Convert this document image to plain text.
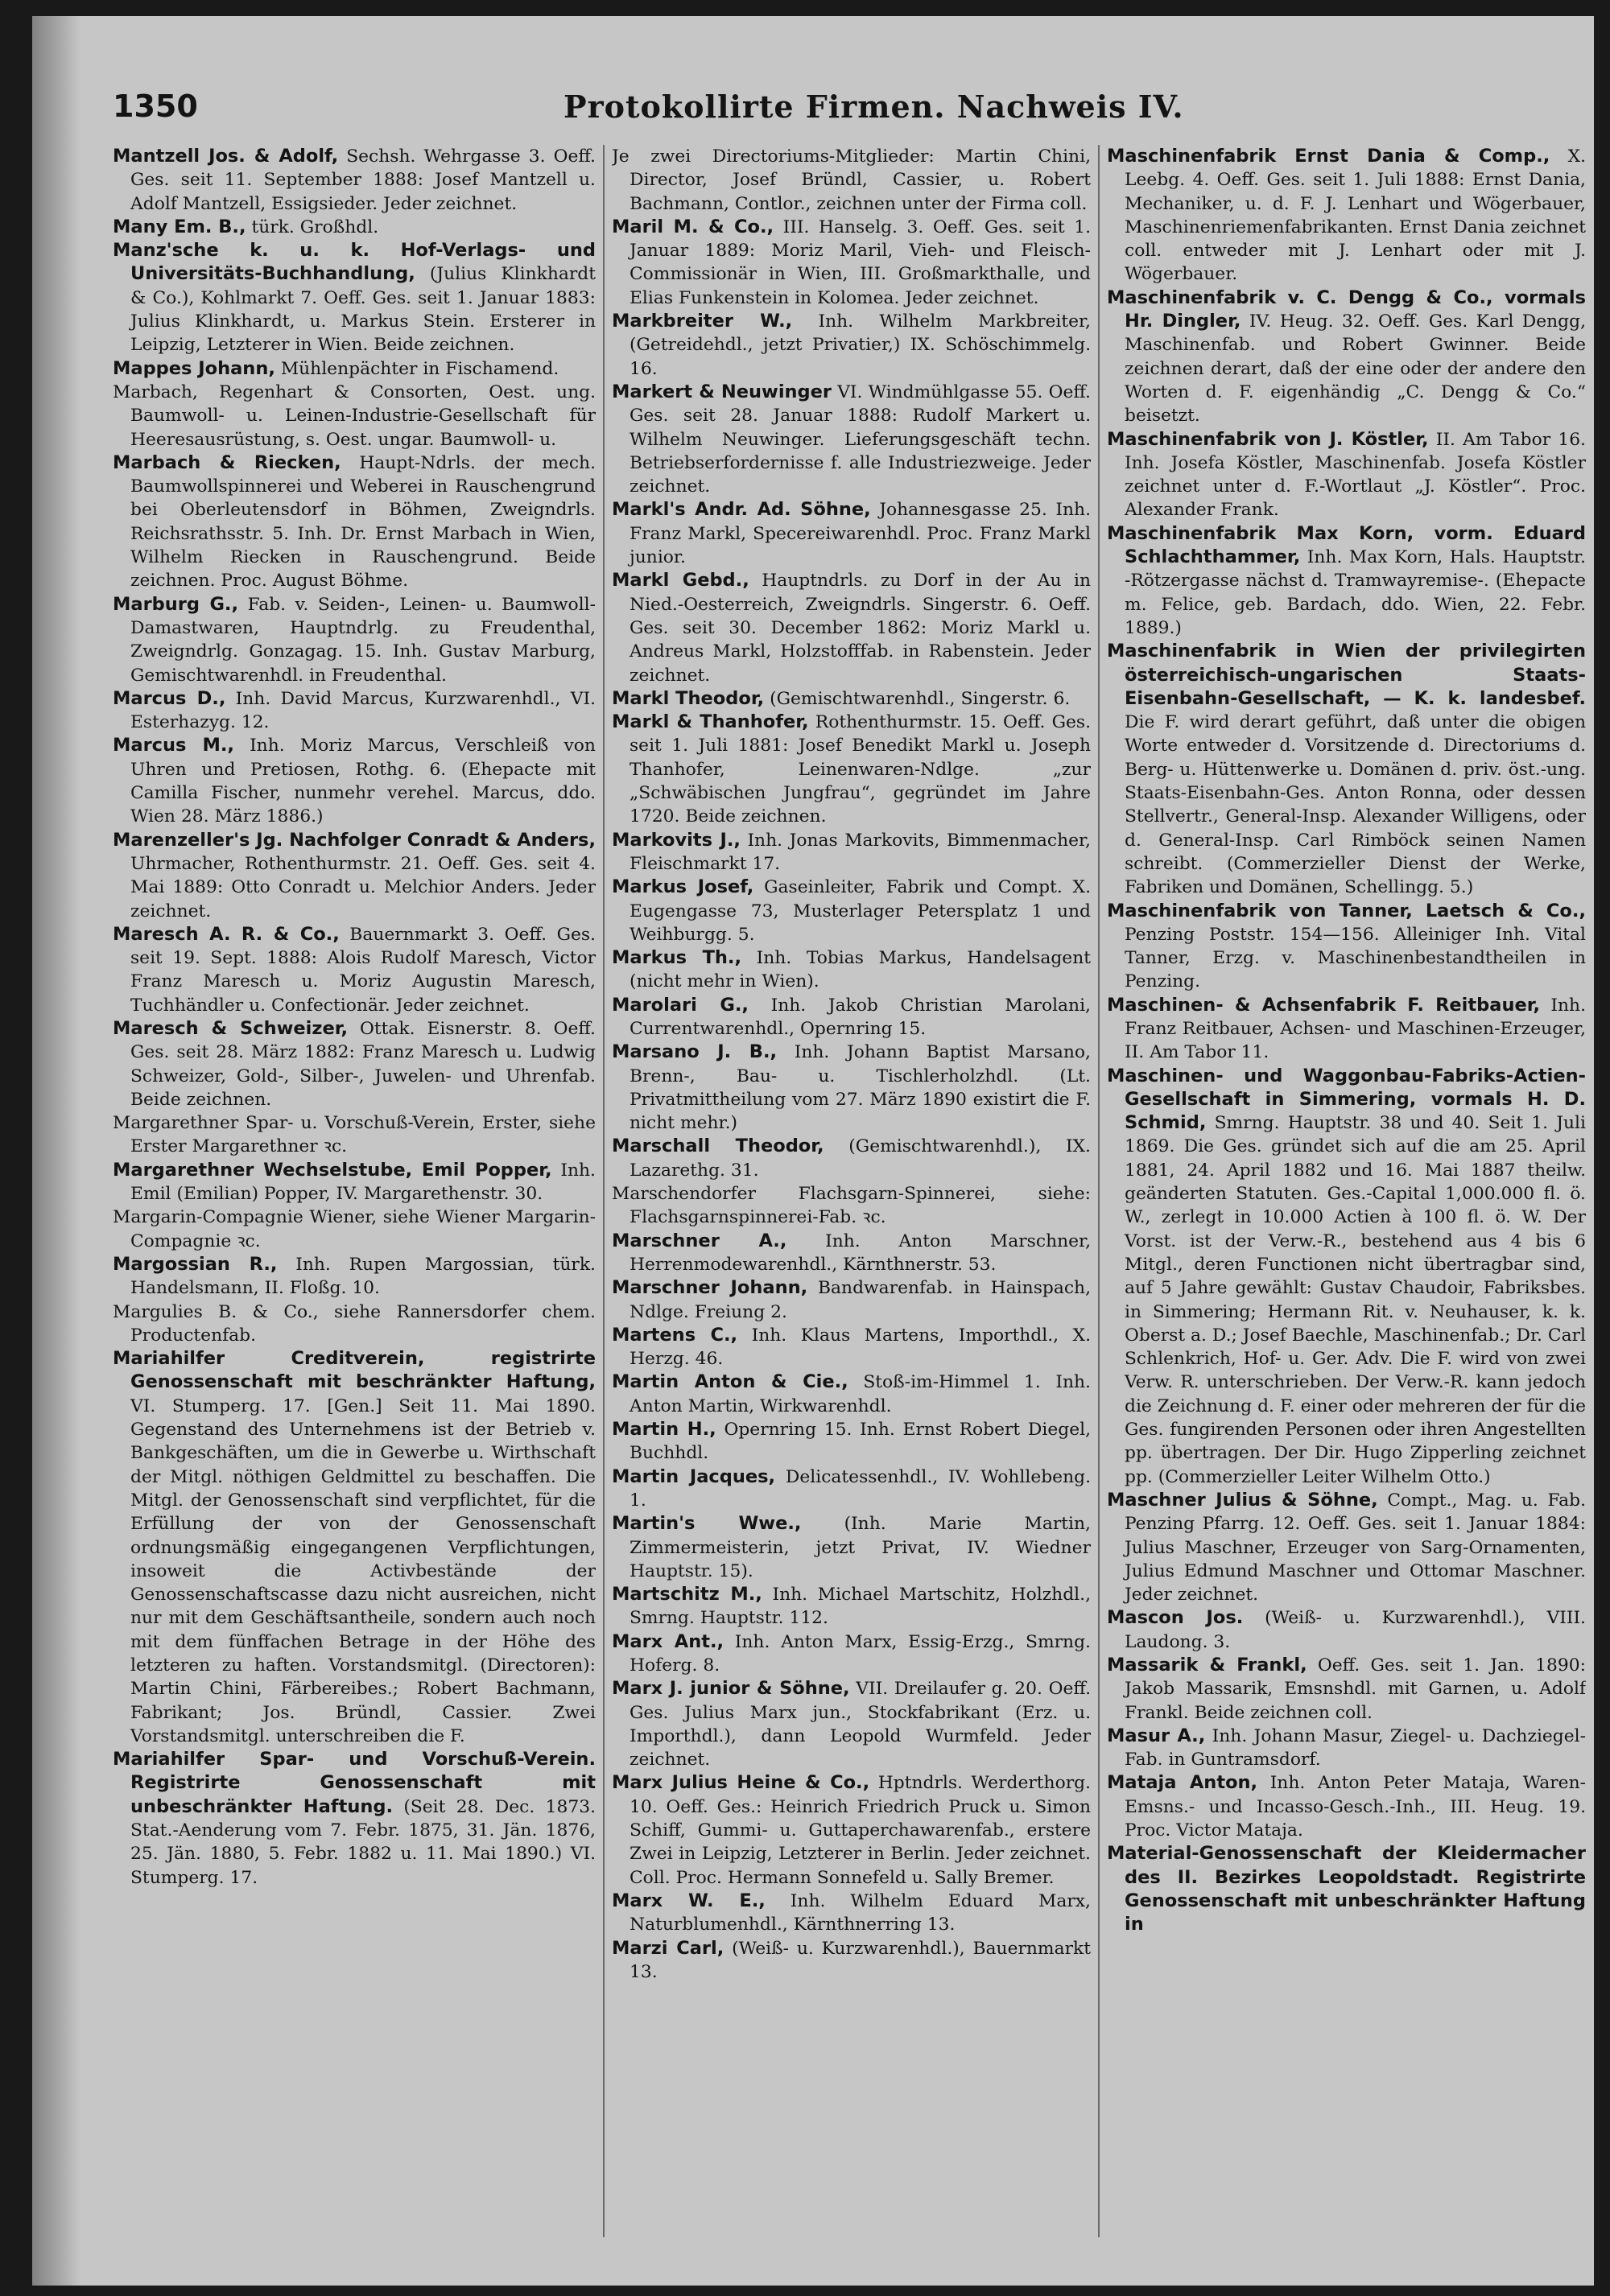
1350	Protokollirte Firmen. Nachweis IV.

Mantzell Jos. & Adolf, Sechsh. Wehrgasse 3. Oeff. Ges. seit 11. September 1888: Josef Mantzell u. Adolf Mantzell, Essigsieder. Jeder zeichnet.

Many Em. B., türk. Großhdl.

Manz'sche k. u. k. Hof-Verlags- und Universitäts-Buchhandlung, (Julius Klinkhardt & Co.), Kohlmarkt 7. Oeff. Ges. seit 1. Januar 1883: Julius Klinkhardt, u. Markus Stein. Ersterer in Leipzig, Letzterer in Wien. Beide zeichnen.

Mappes Johann, Mühlenpächter in Fischamend.

Marbach, Regenhart & Consorten, Oest. ung. Baumwoll- u. Leinen-Industrie-Gesellschaft für Heeresausrüstung, s. Oest. ungar. Baumwoll- u.

Marbach & Riecken, Haupt-Ndrls. der mech. Baumwollspinnerei und Weberei in Rauschengrund bei Oberleutensdorf in Böhmen, Zweigndrls. Reichsrathsstr. 5. Inh. Dr. Ernst Marbach in Wien, Wilhelm Riecken in Rauschengrund. Beide zeichnen. Proc. August Böhme.

Marburg G., Fab. v. Seiden-, Leinen- u. Baumwoll-Damastwaren, Hauptndrlg. zu Freudenthal, Zweigndrlg. Gonzagag. 15. Inh. Gustav Marburg, Gemischtwarenhdl. in Freudenthal.

Marcus D., Inh. David Marcus, Kurzwarenhdl., VI. Esterhazyg. 12.

Marcus M., Inh. Moriz Marcus, Verschleiß von Uhren und Pretiosen, Rothg. 6. (Ehepacte mit Camilla Fischer, nunmehr verehel. Marcus, ddo. Wien 28. März 1886.)

Marenzeller's Jg. Nachfolger Conradt & Anders, Uhrmacher, Rothenthurmstr. 21. Oeff. Ges. seit 4. Mai 1889: Otto Conradt u. Melchior Anders. Jeder zeichnet.

Maresch A. R. & Co., Bauernmarkt 3. Oeff. Ges. seit 19. Sept. 1888: Alois Rudolf Maresch, Victor Franz Maresch u. Moriz Augustin Maresch, Tuchhändler u. Confectionär. Jeder zeichnet.

Maresch & Schweizer, Ottak. Eisnerstr. 8. Oeff. Ges. seit 28. März 1882: Franz Maresch u. Ludwig Schweizer, Gold-, Silber-, Juwelen- und Uhrenfab. Beide zeichnen.

Margarethner Spar- u. Vorschuß-Verein, Erster, siehe Erster Margarethner ꝛc.

Margarethner Wechselstube, Emil Popper, Inh. Emil (Emilian) Popper, IV. Margarethenstr. 30.

Margarin-Compagnie Wiener, siehe Wiener Margarin-Compagnie ꝛc.

Margossian R., Inh. Rupen Margossian, türk. Handelsmann, II. Floßg. 10.

Margulies B. & Co., siehe Rannersdorfer chem. Productenfab.

Mariahilfer Creditverein, registrirte Genossenschaft mit beschränkter Haftung, VI. Stumperg. 17. [Gen.] Seit 11. Mai 1890. Gegenstand des Unternehmens ist der Betrieb v. Bankgeschäften, um die in Gewerbe u. Wirthschaft der Mitgl. nöthigen Geldmittel zu beschaffen. Die Mitgl. der Genossenschaft sind verpflichtet, für die Erfüllung der von der Genossenschaft ordnungsmäßig eingegangenen Verpflichtungen, insoweit die Activbestände der Genossenschaftscasse dazu nicht ausreichen, nicht nur mit dem Geschäftsantheile, sondern auch noch mit dem fünffachen Betrage in der Höhe des letzteren zu haften. Vorstandsmitgl. (Directoren): Martin Chini, Färbereibes.; Robert Bachmann, Fabrikant; Jos. Bründl, Cassier. Zwei Vorstandsmitgl. unterschreiben die F.

Mariahilfer Spar- und Vorschuß-Verein. Registrirte Genossenschaft mit unbeschränkter Haftung. (Seit 28. Dec. 1873. Stat.-Aenderung vom 7. Febr. 1875, 31. Jän. 1876, 25. Jän. 1880, 5. Febr. 1882 u. 11. Mai 1890.) VI. Stumperg. 17.

Je zwei Directoriums-Mitglieder: Martin Chini, Director, Josef Bründl, Cassier, u. Robert Bachmann, Contlor., zeichnen unter der Firma coll.

Maril M. & Co., III. Hanselg. 3. Oeff. Ges. seit 1. Januar 1889: Moriz Maril, Vieh- und Fleisch-Commissionär in Wien, III. Großmarkthalle, und Elias Funkenstein in Kolomea. Jeder zeichnet.

Markbreiter W., Inh. Wilhelm Markbreiter, (Getreidehdl., jetzt Privatier,) IX. Schöschimmelg. 16.

Markert & Neuwinger VI. Windmühlgasse 55. Oeff. Ges. seit 28. Januar 1888: Rudolf Markert u. Wilhelm Neuwinger. Lieferungsgeschäft techn. Betriebserfordernisse f. alle Industriezweige. Jeder zeichnet.

Markl's Andr. Ad. Söhne, Johannesgasse 25. Inh. Franz Markl, Specereiwarenhdl. Proc. Franz Markl junior.

Markl Gebd., Hauptndrls. zu Dorf in der Au in Nied.-Oesterreich, Zweigndrls. Singerstr. 6. Oeff. Ges. seit 30. December 1862: Moriz Markl u. Andreus Markl, Holzstofffab. in Rabenstein. Jeder zeichnet.

Markl Theodor, (Gemischtwarenhdl., Singerstr. 6.

Markl & Thanhofer, Rothenthurmstr. 15. Oeff. Ges. seit 1. Juli 1881: Josef Benedikt Markl u. Joseph Thanhofer, Leinenwaren-Ndlge. „zur „Schwäbischen Jungfrau“, gegründet im Jahre 1720. Beide zeichnen.

Markovits J., Inh. Jonas Markovits, Bimmenmacher, Fleischmarkt 17.

Markus Josef, Gaseinleiter, Fabrik und Compt. X. Eugengasse 73, Musterlager Petersplatz 1 und Weihburgg. 5.

Markus Th., Inh. Tobias Markus, Handelsagent (nicht mehr in Wien).

Marolari G., Inh. Jakob Christian Marolani, Currentwarenhdl., Opernring 15.

Marsano J. B., Inh. Johann Baptist Marsano, Brenn-, Bau- u. Tischlerholzhdl. (Lt. Privatmittheilung vom 27. März 1890 existirt die F. nicht mehr.)

Marschall Theodor, (Gemischtwarenhdl.), IX. Lazarethg. 31.

Marschendorfer Flachsgarn-Spinnerei, siehe: Flachsgarnspinnerei-Fab. ꝛc.

Marschner A., Inh. Anton Marschner, Herrenmodewarenhdl., Kärnthnerstr. 53.

Marschner Johann, Bandwarenfab. in Hainspach, Ndlge. Freiung 2.

Martens C., Inh. Klaus Martens, Importhdl., X. Herzg. 46.

Martin Anton & Cie., Stoß-im-Himmel 1. Inh. Anton Martin, Wirkwarenhdl.

Martin H., Opernring 15. Inh. Ernst Robert Diegel, Buchhdl.

Martin Jacques, Delicatessenhdl., IV. Wohllebeng. 1.

Martin's Wwe., (Inh. Marie Martin, Zimmermeisterin, jetzt Privat, IV. Wiedner Hauptstr. 15).

Martschitz M., Inh. Michael Martschitz, Holzhdl., Smrng. Hauptstr. 112.

Marx Ant., Inh. Anton Marx, Essig-Erzg., Smrng. Hoferg. 8.

Marx J. junior & Söhne, VII. Dreilaufer g. 20. Oeff. Ges. Julius Marx jun., Stockfabrikant (Erz. u. Importhdl.), dann Leopold Wurmfeld. Jeder zeichnet.

Marx Julius Heine & Co., Hptndrls. Werderthorg. 10. Oeff. Ges.: Heinrich Friedrich Pruck u. Simon Schiff, Gummi- u. Guttaperchawarenfab., erstere Zwei in Leipzig, Letzterer in Berlin. Jeder zeichnet. Coll. Proc. Hermann Sonnefeld u. Sally Bremer.

Marx W. E., Inh. Wilhelm Eduard Marx, Naturblumenhdl., Kärnthnerring 13.

Marzi Carl, (Weiß- u. Kurzwarenhdl.), Bauernmarkt 13.

Maschinenfabrik Ernst Dania & Comp., X. Leebg. 4. Oeff. Ges. seit 1. Juli 1888: Ernst Dania, Mechaniker, u. d. F. J. Lenhart und Wögerbauer, Maschinenriemenfabrikanten. Ernst Dania zeichnet coll. entweder mit J. Lenhart oder mit J. Wögerbauer.

Maschinenfabrik v. C. Dengg & Co., vormals Hr. Dingler, IV. Heug. 32. Oeff. Ges. Karl Dengg, Maschinenfab. und Robert Gwinner. Beide zeichnen derart, daß der eine oder der andere den Worten d. F. eigenhändig „C. Dengg & Co.“ beisetzt.

Maschinenfabrik von J. Köstler, II. Am Tabor 16. Inh. Josefa Köstler, Maschinenfab. Josefa Köstler zeichnet unter d. F.-Wortlaut „J. Köstler“. Proc. Alexander Frank.

Maschinenfabrik Max Korn, vorm. Eduard Schlachthammer, Inh. Max Korn, Hals. Hauptstr. -Rötzergasse nächst d. Tramwayremise-. (Ehepacte m. Felice, geb. Bardach, ddo. Wien, 22. Febr. 1889.)

Maschinenfabrik in Wien der privilegirten österreichisch-ungarischen Staats-Eisenbahn-Gesellschaft, — K. k. landesbef. Die F. wird derart geführt, daß unter die obigen Worte entweder d. Vorsitzende d. Directoriums d. Berg- u. Hüttenwerke u. Domänen d. priv. öst.-ung. Staats-Eisenbahn-Ges. Anton Ronna, oder dessen Stellvertr., General-Insp. Alexander Willigens, oder d. General-Insp. Carl Rimböck seinen Namen schreibt. (Commerzieller Dienst der Werke, Fabriken und Domänen, Schellingg. 5.)

Maschinenfabrik von Tanner, Laetsch & Co., Penzing Poststr. 154—156. Alleiniger Inh. Vital Tanner, Erzg. v. Maschinenbestandtheilen in Penzing.

Maschinen- & Achsenfabrik F. Reitbauer, Inh. Franz Reitbauer, Achsen- und Maschinen-Erzeuger, II. Am Tabor 11.

Maschinen- und Waggonbau-Fabriks-Actien-Gesellschaft in Simmering, vormals H. D. Schmid, Smrng. Hauptstr. 38 und 40. Seit 1. Juli 1869. Die Ges. gründet sich auf die am 25. April 1881, 24. April 1882 und 16. Mai 1887 theilw. geänderten Statuten. Ges.-Capital 1,000.000 fl. ö. W., zerlegt in 10.000 Actien à 100 fl. ö. W. Der Vorst. ist der Verw.-R., bestehend aus 4 bis 6 Mitgl., deren Functionen nicht übertragbar sind, auf 5 Jahre gewählt: Gustav Chaudoir, Fabriksbes. in Simmering; Hermann Rit. v. Neuhauser, k. k. Oberst a. D.; Josef Baechle, Maschinenfab.; Dr. Carl Schlenkrich, Hof- u. Ger. Adv. Die F. wird von zwei Verw. R. unterschrieben. Der Verw.-R. kann jedoch die Zeichnung d. F. einer oder mehreren der für die Ges. fungirenden Personen oder ihren Angestellten pp. übertragen. Der Dir. Hugo Zipperling zeichnet pp. (Commerzieller Leiter Wilhelm Otto.)

Maschner Julius & Söhne, Compt., Mag. u. Fab. Penzing Pfarrg. 12. Oeff. Ges. seit 1. Januar 1884: Julius Maschner, Erzeuger von Sarg-Ornamenten, Julius Edmund Maschner und Ottomar Maschner. Jeder zeichnet.

Mascon Jos. (Weiß- u. Kurzwarenhdl.), VIII. Laudong. 3.

Massarik & Frankl, Oeff. Ges. seit 1. Jan. 1890: Jakob Massarik, Emsnshdl. mit Garnen, u. Adolf Frankl. Beide zeichnen coll.

Masur A., Inh. Johann Masur, Ziegel- u. Dachziegel-Fab. in Guntramsdorf.

Mataja Anton, Inh. Anton Peter Mataja, Waren-Emsns.- und Incasso-Gesch.-Inh., III. Heug. 19. Proc. Victor Mataja.

Material-Genossenschaft der Kleidermacher des II. Bezirkes Leopoldstadt. Registrirte Genossenschaft mit unbeschränkter Haftung in
